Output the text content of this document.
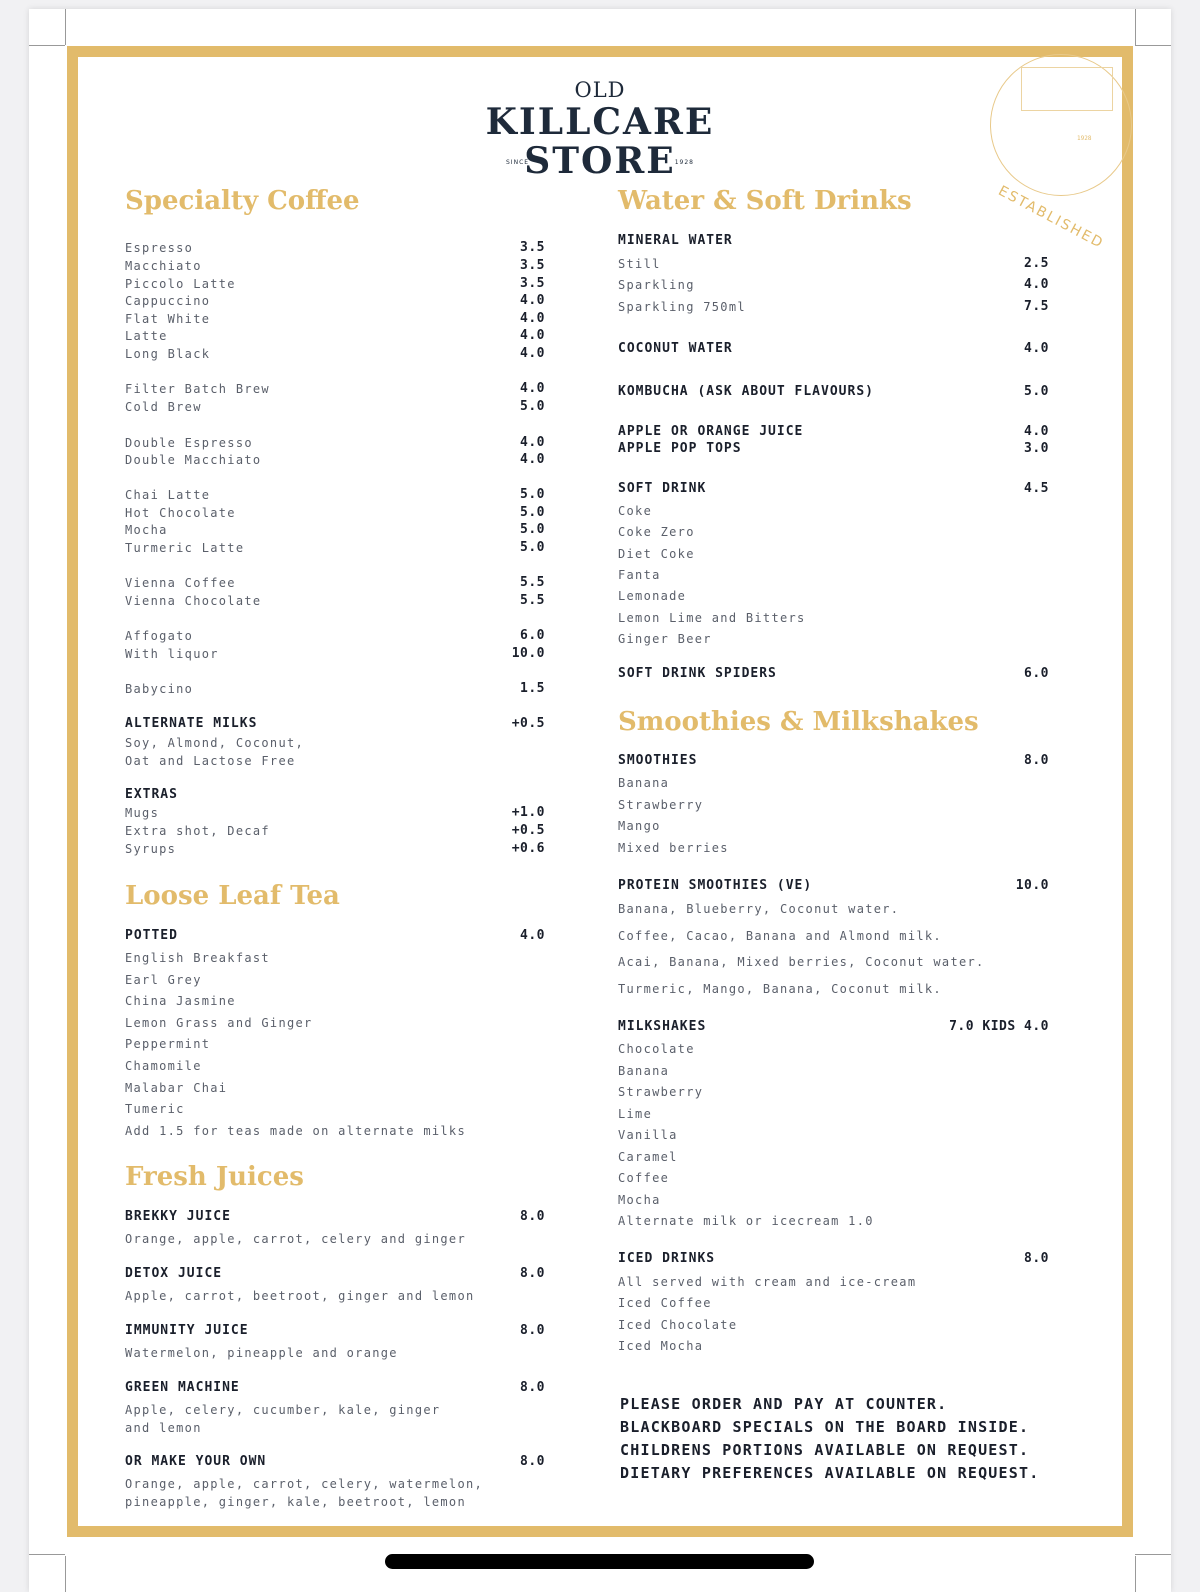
OLD
KILLCARE
SINCE
STORE
1928
1928
ESTABLISHED
Specialty Coffee
Espresso	3.5
Macchiato	3.5
Piccolo Latte	3.5
Cappuccino	4.0
Flat White	4.0
Latte	4.0
Long Black	4.0
Filter Batch Brew	4.0
Cold Brew	5.0
Double Espresso	4.0
Double Macchiato	4.0
Chai Latte	5.0
Hot Chocolate	5.0
Mocha	5.0
Turmeric Latte	5.0
Vienna Coffee	5.5
Vienna Chocolate	5.5
Affogato	6.0
With liquor	10.0
Babycino	1.5
ALTERNATE MILKS	+0.5
Soy, Almond, Coconut,
Oat and Lactose Free
EXTRAS
Mugs	+1.0
Extra shot, Decaf	+0.5
Syrups	+0.6
Loose Leaf Tea
POTTED	4.0
English Breakfast
Earl Grey
China Jasmine
Lemon Grass and Ginger
Peppermint
Chamomile
Malabar Chai
Tumeric
Add 1.5 for teas made on alternate milks
Fresh Juices
BREKKY JUICE	8.0
Orange, apple, carrot, celery and ginger
DETOX JUICE	8.0
Apple, carrot, beetroot, ginger and lemon
IMMUNITY JUICE	8.0
Watermelon, pineapple and orange
GREEN MACHINE	8.0
Apple, celery, cucumber, kale, ginger
and lemon
OR MAKE YOUR OWN	8.0
Orange, apple, carrot, celery, watermelon,
pineapple, ginger, kale, beetroot, lemon
Water & Soft Drinks
MINERAL WATER
Still	2.5
Sparkling	4.0
Sparkling 750ml	7.5
COCONUT WATER	4.0
KOMBUCHA (ASK ABOUT FLAVOURS)	5.0
APPLE OR ORANGE JUICE	4.0
APPLE POP TOPS	3.0
SOFT DRINK	4.5
Coke
Coke Zero
Diet Coke
Fanta
Lemonade
Lemon Lime and Bitters
Ginger Beer
SOFT DRINK SPIDERS	6.0
Smoothies & Milkshakes
SMOOTHIES	8.0
Banana
Strawberry
Mango
Mixed berries
PROTEIN SMOOTHIES (VE)	10.0
Banana, Blueberry, Coconut water.
Coffee, Cacao, Banana and Almond milk.
Acai, Banana, Mixed berries, Coconut water.
Turmeric, Mango, Banana, Coconut milk.
MILKSHAKES	7.0 KIDS 4.0
Chocolate
Banana
Strawberry
Lime
Vanilla
Caramel
Coffee
Mocha
Alternate milk or icecream 1.0
ICED DRINKS	8.0
All served with cream and ice-cream
Iced Coffee
Iced Chocolate
Iced Mocha
PLEASE ORDER AND PAY AT COUNTER.
BLACKBOARD SPECIALS ON THE BOARD INSIDE.
CHILDRENS PORTIONS AVAILABLE ON REQUEST.
DIETARY PREFERENCES AVAILABLE ON REQUEST.
